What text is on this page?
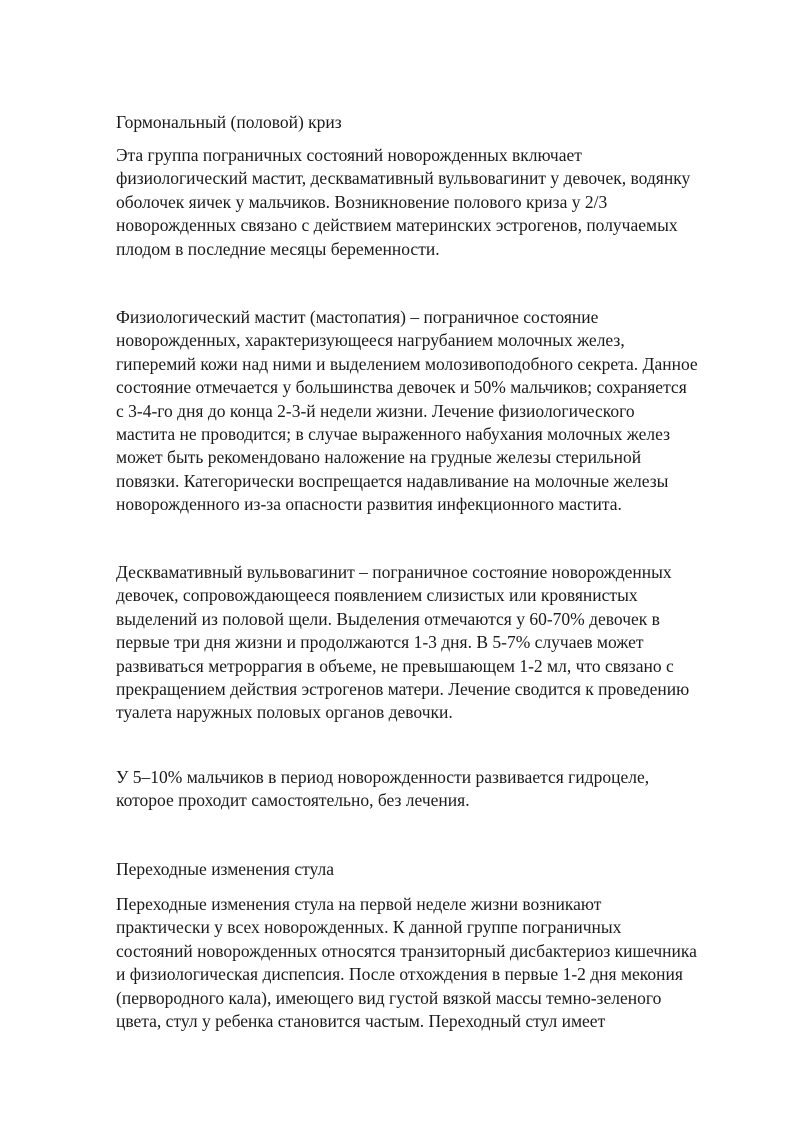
Гормональный (половой) криз

Эта группа пограничных состояний новорожденных включает
физиологический мастит, десквамативный вульвовагинит у девочек, водянку
оболочек яичек у мальчиков. Возникновение полового криза у 2/3
новорожденных связано с действием материнских эстрогенов, получаемых
плодом в последние месяцы беременности.

Физиологический мастит (мастопатия) – пограничное состояние
новорожденных, характеризующееся нагрубанием молочных желез,
гиперемий кожи над ними и выделением молозивоподобного секрета. Данное
состояние отмечается у большинства девочек и 50% мальчиков; сохраняется
с 3-4-го дня до конца 2-3-й недели жизни. Лечение физиологического
мастита не проводится; в случае выраженного набухания молочных желез
может быть рекомендовано наложение на грудные железы стерильной
повязки. Категорически воспрещается надавливание на молочные железы
новорожденного из-за опасности развития инфекционного мастита.

Десквамативный вульвовагинит – пограничное состояние новорожденных
девочек, сопровождающееся появлением слизистых или кровянистых
выделений из половой щели. Выделения отмечаются у 60-70% девочек в
первые три дня жизни и продолжаются 1-3 дня. В 5-7% случаев может
развиваться метроррагия в объеме, не превышающем 1-2 мл, что связано с
прекращением действия эстрогенов матери. Лечение сводится к проведению
туалета наружных половых органов девочки.

У 5–10% мальчиков в период новорожденности развивается гидроцеле,
которое проходит самостоятельно, без лечения.

Переходные изменения стула

Переходные изменения стула на первой неделе жизни возникают
практически у всех новорожденных. К данной группе пограничных
состояний новорожденных относятся транзиторный дисбактериоз кишечника
и физиологическая диспепсия. После отхождения в первые 1-2 дня мекония
(первородного кала), имеющего вид густой вязкой массы темно-зеленого
цвета, стул у ребенка становится частым. Переходный стул имеет
